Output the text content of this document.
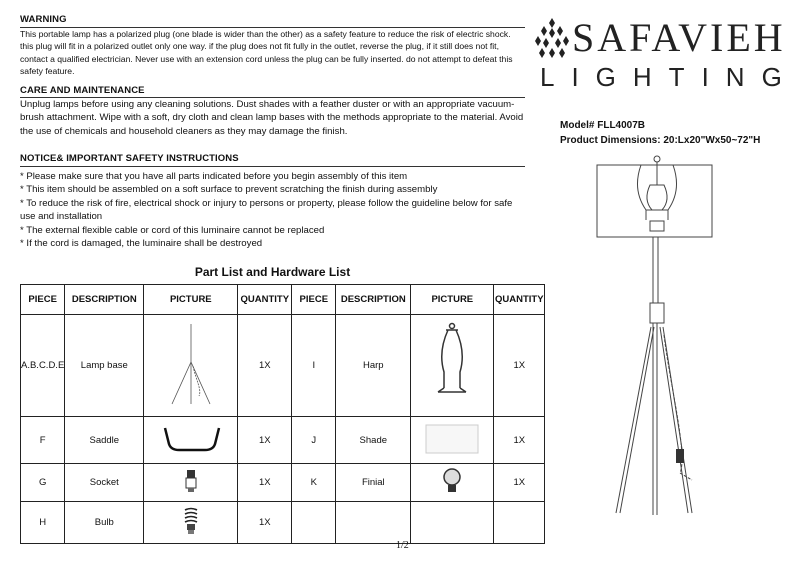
WARNING
This portable lamp has a polarized plug (one blade is wider than the other) as a safety feature to reduce the risk of electric shock. this plug will fit in a polarized outlet only one way. if the plug does not fit fully in the outlet, reverse the plug, if it still does not fit, contact a qualified electrician. Never use with an extension cord unless the plug can be fully inserted. do not attempt to defeat this safety feature.
CARE AND MAINTENANCE
Unplug lamps before using any cleaning solutions. Dust shades with a feather duster or with an appropriate vacuum-brush attachment. Wipe with a soft, dry cloth and clean lamp bases with the methods appropriate to the material. Avoid the use of chemicals and household cleaners as they may damage the finish.
NOTICE& IMPORTANT SAFETY INSTRUCTIONS

* Please make sure that you have all parts indicated before you begin assembly of this item

* This item should be assembled on a soft surface to prevent scratching the finish during assembly

* To reduce the risk of fire, electrical shock or injury to persons or property, please follow the guideline below for safe use and installation

* The external flexible cable or cord of this luminaire cannot be replaced

* If the cord is damaged, the luminaire shall be destroyed

SAFAVIEH
LIGHTING
Model# FLL4007B
Product Dimensions: 20:Lx20"Wx50~72"H
Part List and Hardware List
PIECE	DESCRIPTION	PICTURE	QUANTITY	PIECE	DESCRIPTION	PICTURE	QUANTITY
A.B.C.D.E	Lamp base		1X	I	Harp		1X
F	Saddle		1X	J	Shade		1X
G	Socket		1X	K	Finial		1X
H	Bulb		1X				
1/2
